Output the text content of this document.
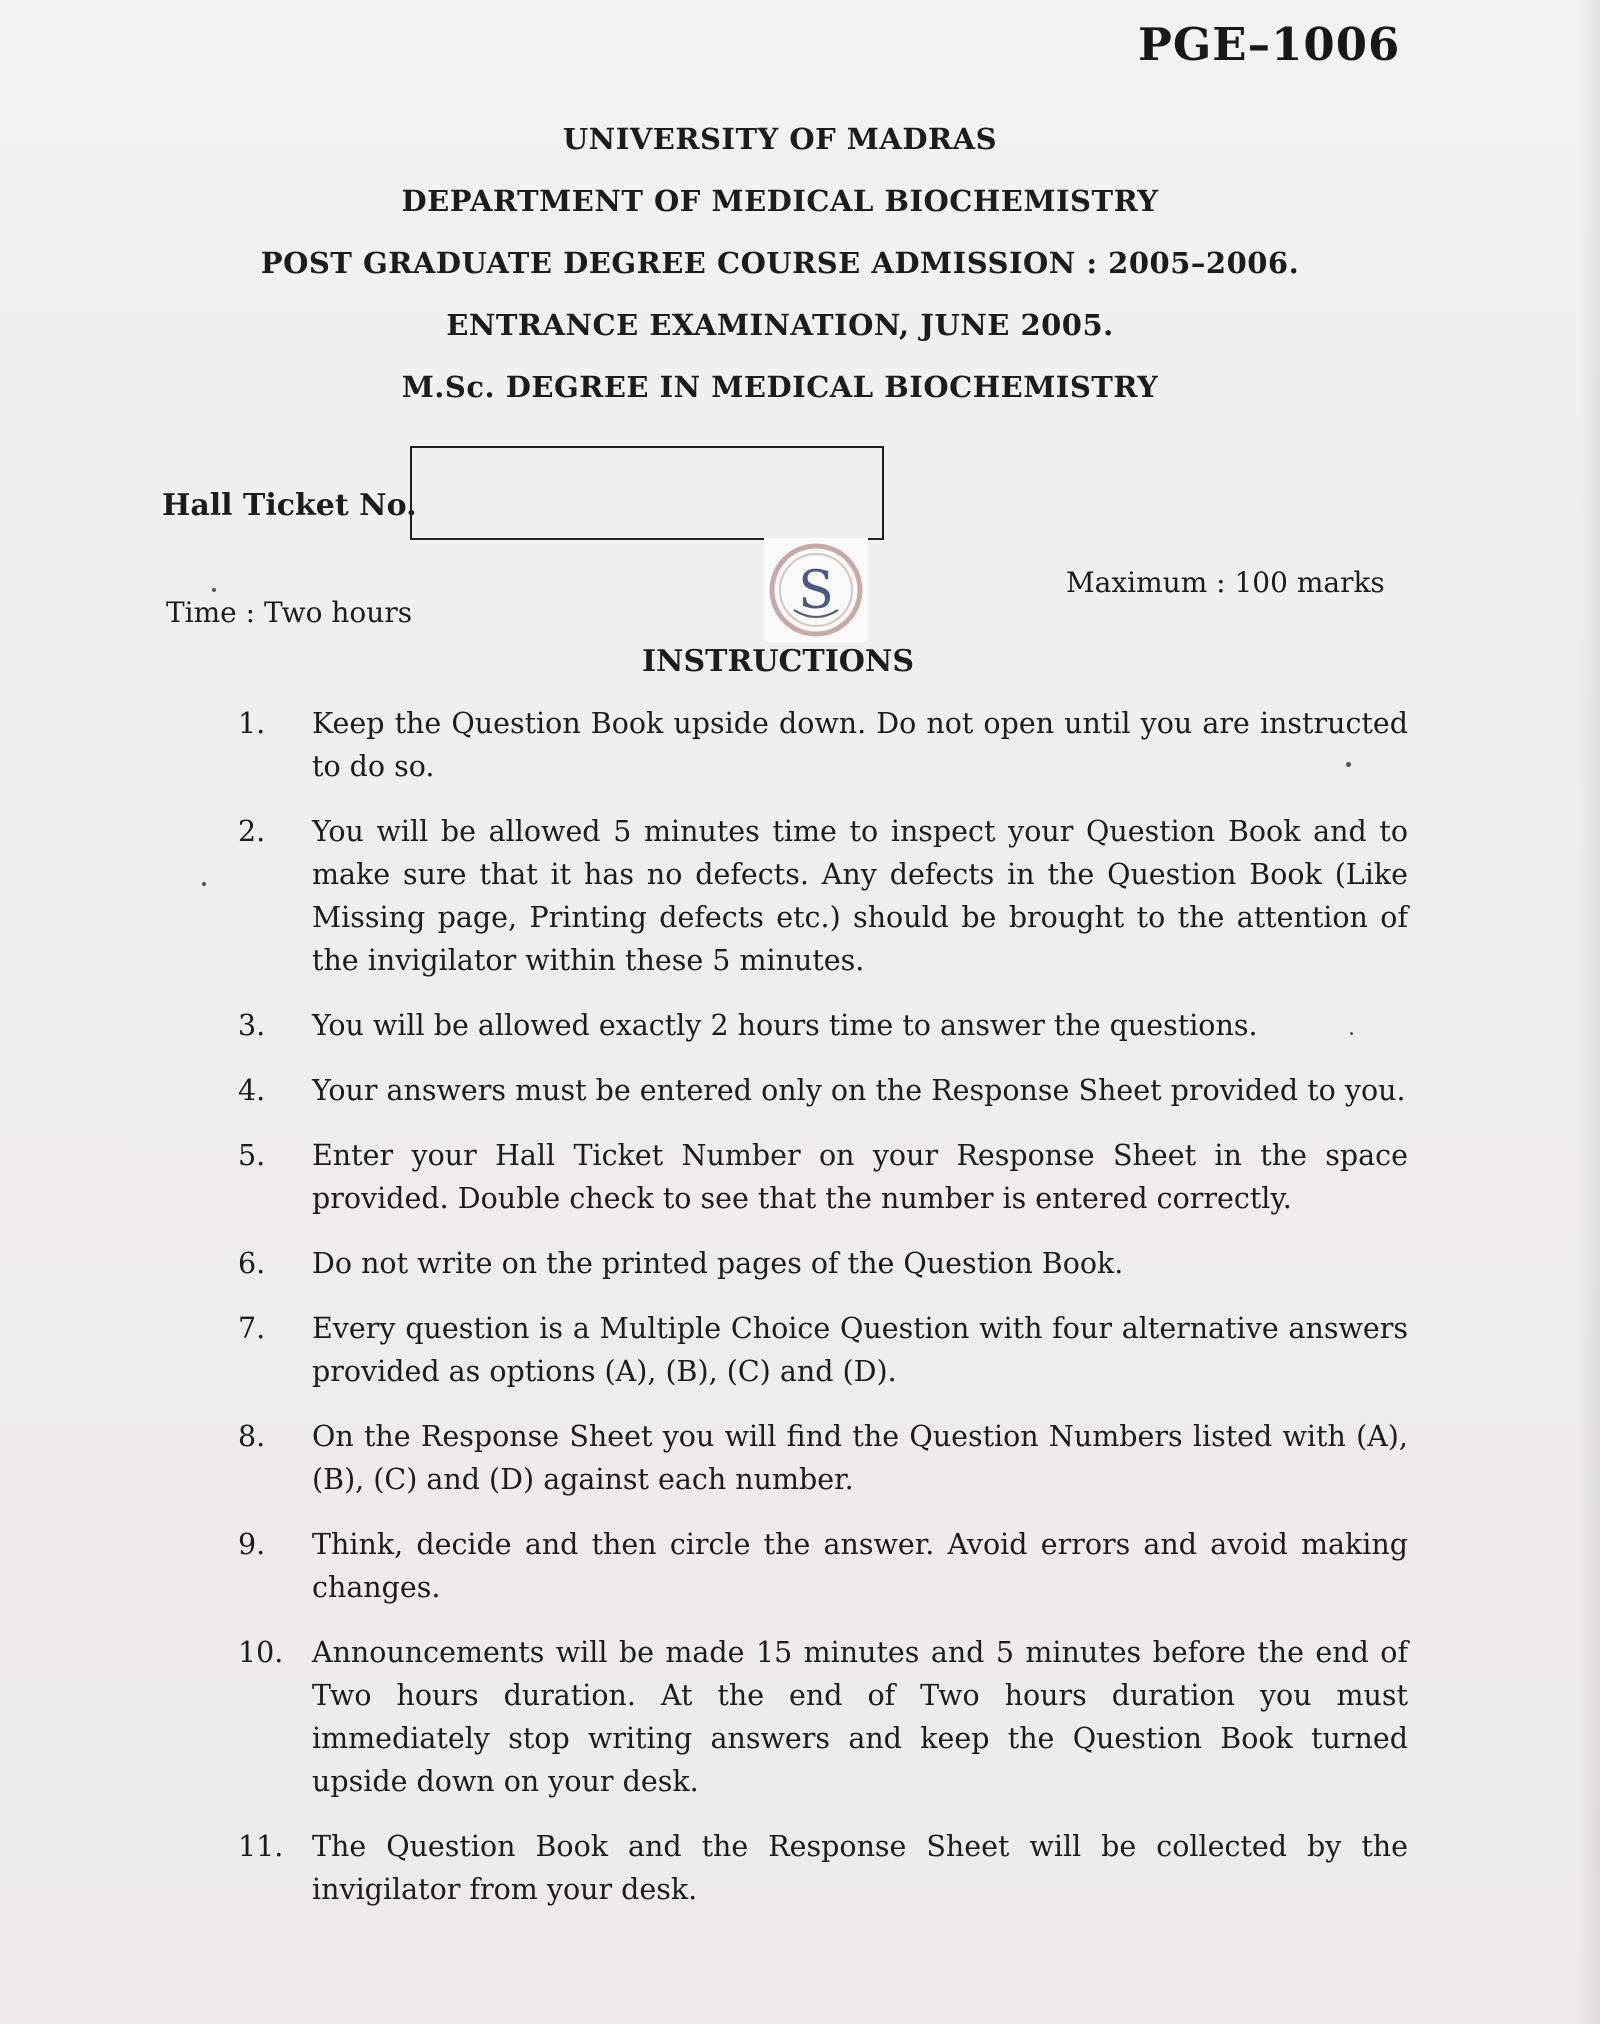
PGE–1006
UNIVERSITY OF MADRAS
DEPARTMENT OF MEDICAL BIOCHEMISTRY
POST GRADUATE DEGREE COURSE ADMISSION : 2005–2006.
ENTRANCE EXAMINATION, JUNE 2005.
M.Sc. DEGREE IN MEDICAL BIOCHEMISTRY
Hall Ticket No.
S
Time : Two hours
Maximum : 100 marks
INSTRUCTIONS
1.	Keep the Question Book upside down. Do not open until you are instructed to do so.
2.	You will be allowed 5 minutes time to inspect your Question Book and to make sure that it has no defects. Any defects in the Question Book (Like Missing page, Printing defects etc.) should be brought to the attention of the invigilator within these 5 minutes.
3.	You will be allowed exactly 2 hours time to answer the questions.
4.	Your answers must be entered only on the Response Sheet provided to you.
5.	Enter your Hall Ticket Number on your Response Sheet in the space provided. Double check to see that the number is entered correctly.
6.	Do not write on the printed pages of the Question Book.
7.	Every question is a Multiple Choice Question with four alternative answers provided as options (A), (B), (C) and (D).
8.	On the Response Sheet you will find the Question Numbers listed with (A), (B), (C) and (D) against each number.
9.	Think, decide and then circle the answer. Avoid errors and avoid making changes.
10.	Announcements will be made 15 minutes and 5 minutes before the end of Two hours duration. At the end of Two hours duration you must immediately stop writing answers and keep the Question Book turned upside down on your desk.
11.	The Question Book and the Response Sheet will be collected by the invigilator from your desk.
